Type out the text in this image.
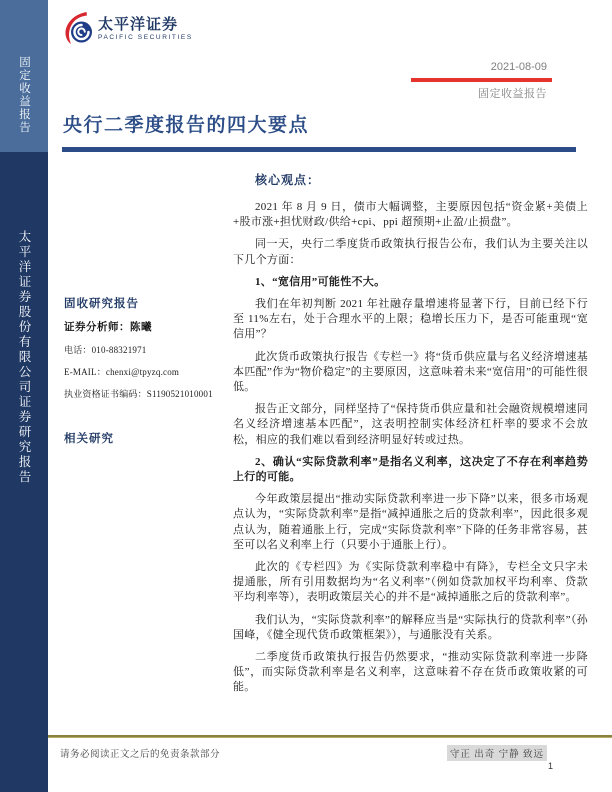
固定收益报告
太平洋证券股份有限公司证券研究报告
太平洋证券
PACIFIC SECURITIES
2021-08-09
固定收益报告
央行二季度报告的四大要点
核心观点：
固收研究报告
证券分析师：陈曦
电话：010-88321971
E-MAIL：chenxi@tpyzq.com
执业资格证书编码：S1190521010001
相关研究

2021 年 8 月 9 日，债市大幅调整，主要原因包括“资金紧+美债上+股市涨+担忧财政/供给+cpi、ppi 超预期+止盈/止损盘”。

同一天，央行二季度货币政策执行报告公布，我们认为主要关注以下几个方面：

1、“宽信用”可能性不大。

我们在年初判断 2021 年社融存量增速将显著下行，目前已经下行至 11%左右，处于合理水平的上限；稳增长压力下，是否可能重现“宽信用”？

此次货币政策执行报告《专栏一》将“货币供应量与名义经济增速基本匹配”作为“物价稳定”的主要原因，这意味着未来“宽信用”的可能性很低。

报告正文部分，同样坚持了“保持货币供应量和社会融资规模增速同名义经济增速基本匹配”，这表明控制实体经济杠杆率的要求不会放松，相应的我们难以看到经济明显好转或过热。

2、确认“实际贷款利率”是指名义利率，这决定了不存在利率趋势上行的可能。

今年政策层提出“推动实际贷款利率进一步下降”以来，很多市场观点认为，“实际贷款利率”是指“减掉通胀之后的贷款利率”，因此很多观点认为，随着通胀上行，完成“实际贷款利率”下降的任务非常容易，甚至可以名义利率上行（只要小于通胀上行）。

此次的《专栏四》为《实际贷款利率稳中有降》，专栏全文只字未提通胀，所有引用数据均为“名义利率”（例如贷款加权平均利率、贷款平均利率等），表明政策层关心的并不是“减掉通胀之后的贷款利率”。

我们认为，“实际贷款利率”的解释应当是“实际执行的贷款利率”（孙国峰，《健全现代货币政策框架》），与通胀没有关系。

二季度货币政策执行报告仍然要求，“推动实际贷款利率进一步降低”，而实际贷款利率是名义利率，这意味着不存在货币政策收紧的可能。

请务必阅读正文之后的免责条款部分	守正 出奇 宁静 致远
1
